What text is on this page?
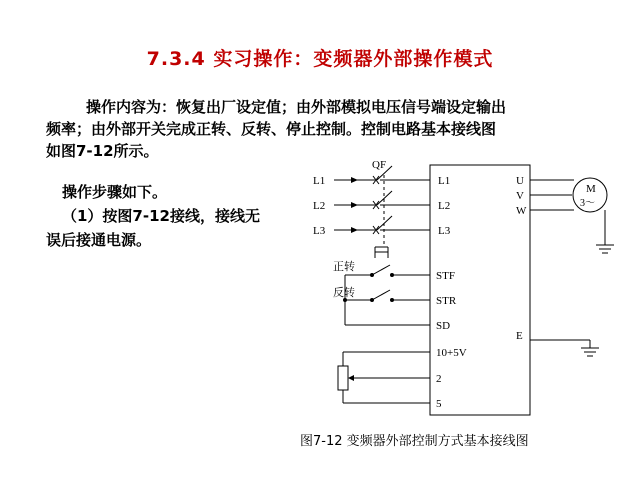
7.3.4 实习操作：变频器外部操作模式
操作内容为：恢复出厂设定值；由外部模拟电压信号端设定输出
频率；由外部开关完成正转、反转、停止控制。控制电路基本接线图
如图7-12所示。
操作步骤如下。
（1）按图7-12接线，接线无
误后接通电源。
QF
L1
L2
L3
L1
L2
L3
U
V
W
M
3～
正转
反转
STF
STR
SD
E
10+5V
2
5
图7-12 变频器外部控制方式基本接线图
